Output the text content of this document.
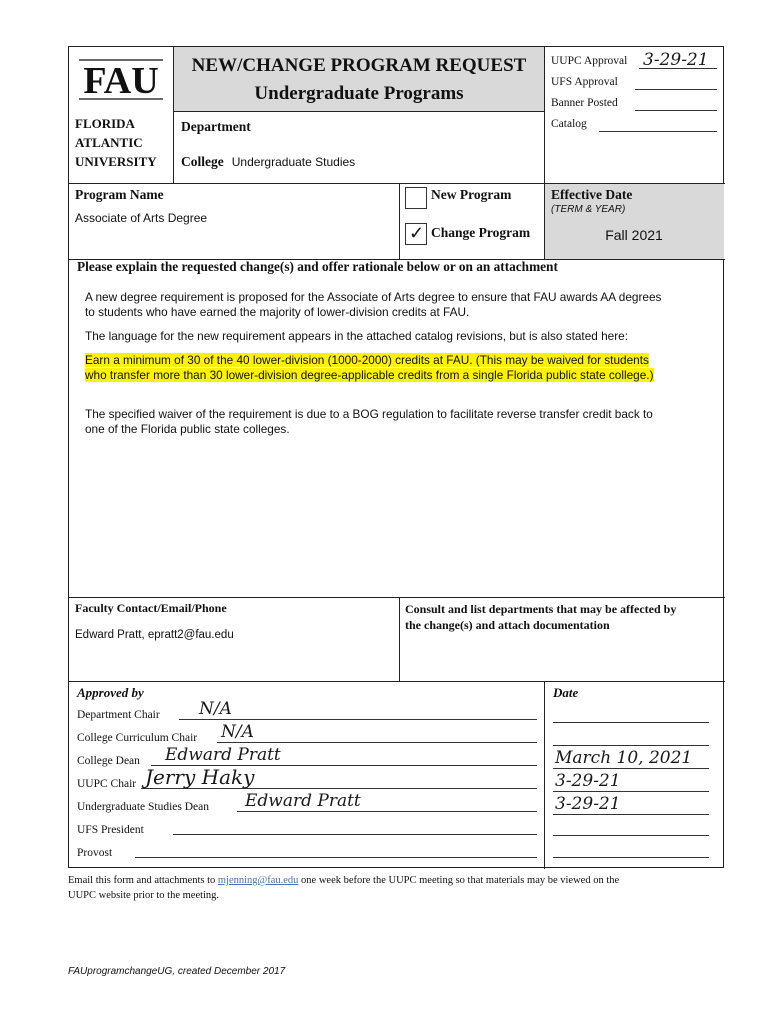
FAU
FLORIDA
ATLANTIC
UNIVERSITY
NEW/CHANGE PROGRAM REQUEST
Undergraduate Programs
Department
College Undergraduate Studies
UUPC Approval 3-29-21
UFS Approval
Banner Posted
Catalog
Program Name
Associate of Arts Degree
New Program
✓ Change Program
Effective Date
(TERM & YEAR)
Fall 2021
Please explain the requested change(s) and offer rationale below or on an attachment
A new degree requirement is proposed for the Associate of Arts degree to ensure that FAU awards AA degrees
to students who have earned the majority of lower-division credits at FAU.
The language for the new requirement appears in the attached catalog revisions, but is also stated here:
Earn a minimum of 30 of the 40 lower-division (1000-2000) credits at FAU. (This may be waived for students
who transfer more than 30 lower-division degree-applicable credits from a single Florida public state college.)
The specified waiver of the requirement is due to a BOG regulation to facilitate reverse transfer credit back to
one of the Florida public state colleges.
Faculty Contact/Email/Phone
Edward Pratt, epratt2@fau.edu
Consult and list departments that may be affected by
the change(s) and attach documentation
Approved by	Date
Department Chair N/A
College Curriculum Chair N/A
College Dean Edward Pratt	March 10, 2021
UUPC Chair Jerry Haky	3-29-21
Undergraduate Studies Dean Edward Pratt	3-29-21
UFS President
Provost
Email this form and attachments to mjenning@fau.edu one week before the UUPC meeting so that materials may be viewed on the
UUPC website prior to the meeting.
FAUprogramchangeUG, created December 2017
